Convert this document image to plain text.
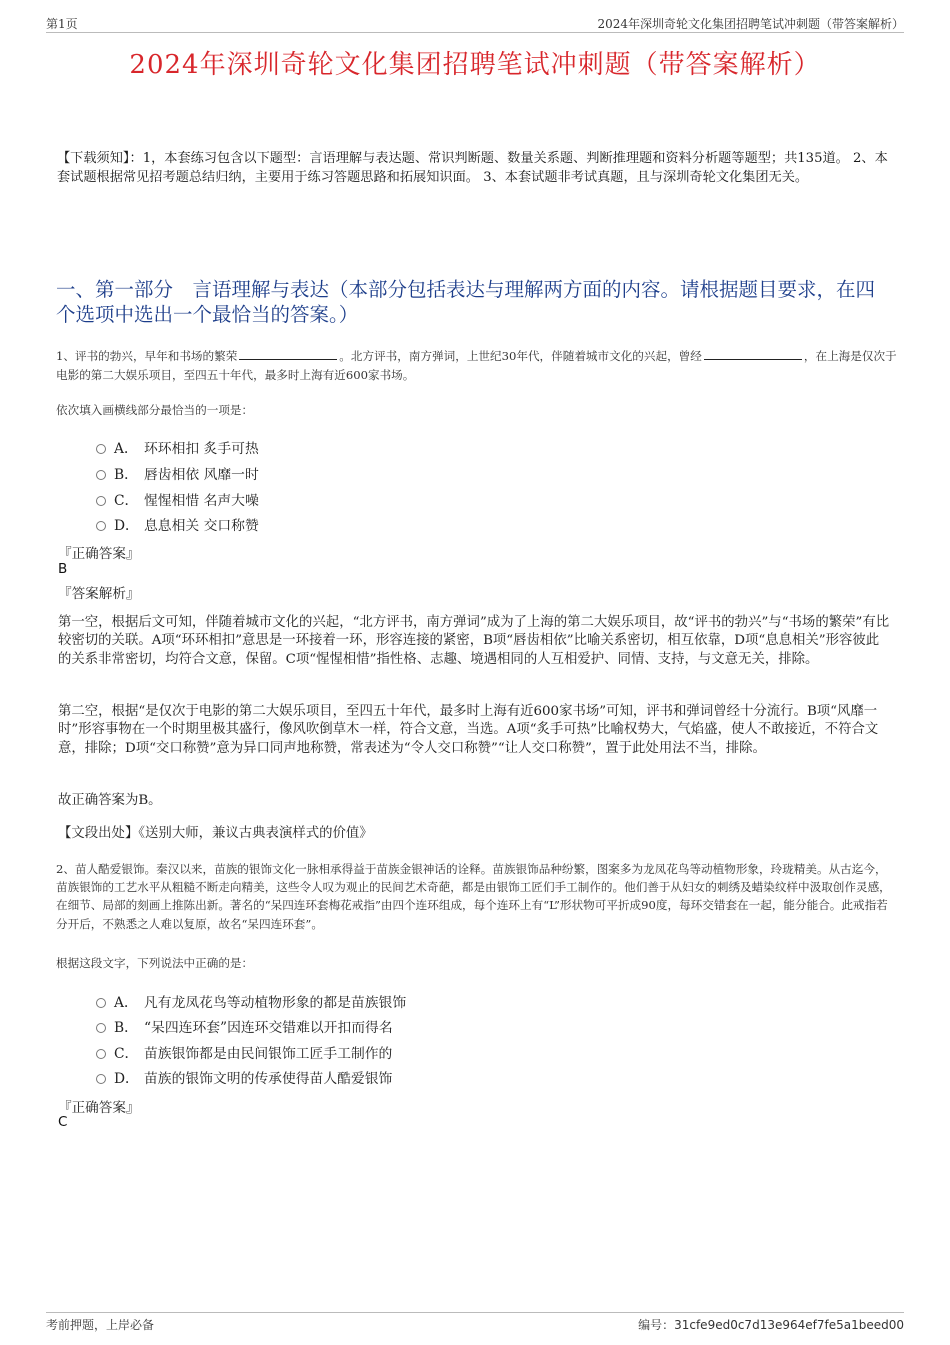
第1页	2024年深圳奇轮文化集团招聘笔试冲刺题（带答案解析）
2024年深圳奇轮文化集团招聘笔试冲刺题（带答案解析）
【下载须知】：1，本套练习包含以下题型：言语理解与表达题、常识判断题、数量关系题、判断推理题和资料分析题等题型；共135道。 2、本套试题根据常见招考题总结归纳，主要用于练习答题思路和拓展知识面。 3、本套试题非考试真题，且与深圳奇轮文化集团无关。
一、第一部分　言语理解与表达（本部分包括表达与理解两方面的内容。请根据题目要求，在四个选项中选出一个最恰当的答案。）
1、评书的勃兴，早年和书场的繁荣	。北方评书，南方弹词，上世纪30年代，伴随着城市文化的兴起，曾经	，在上海是仅次于电影的第二大娱乐项目，至四五十年代，最多时上海有近600家书场。
依次填入画横线部分最恰当的一项是：
A． 环环相扣 炙手可热
B． 唇齿相依 风靡一时
C． 惺惺相惜 名声大噪
D． 息息相关 交口称赞
『正确答案』
B
『答案解析』
第一空，根据后文可知，伴随着城市文化的兴起，“北方评书，南方弹词”成为了上海的第二大娱乐项目，故“评书的勃兴”与“书场的繁荣”有比较密切的关联。A项“环环相扣”意思是一环接着一环，形容连接的紧密，B项“唇齿相依”比喻关系密切，相互依靠，D项“息息相关”形容彼此的关系非常密切，均符合文意，保留。C项“惺惺相惜”指性格、志趣、境遇相同的人互相爱护、同情、支持，与文意无关，排除。
第二空，根据“是仅次于电影的第二大娱乐项目，至四五十年代，最多时上海有近600家书场”可知，评书和弹词曾经十分流行。B项“风靡一时”形容事物在一个时期里极其盛行，像风吹倒草木一样，符合文意，当选。A项“炙手可热”比喻权势大，气焰盛，使人不敢接近，不符合文意，排除；D项“交口称赞”意为异口同声地称赞，常表述为“令人交口称赞”“让人交口称赞”，置于此处用法不当，排除。
故正确答案为B。
【文段出处】《送别大师，兼议古典表演样式的价值》
2、苗人酷爱银饰。秦汉以来，苗族的银饰文化一脉相承得益于苗族金银神话的诠释。苗族银饰品种纷繁，图案多为龙凤花鸟等动植物形象，玲珑精美。从古迄今，苗族银饰的工艺水平从粗糙不断走向精美，这些令人叹为观止的民间艺术奇葩，都是由银饰工匠们手工制作的。他们善于从妇女的刺绣及蜡染纹样中汲取创作灵感，在细节、局部的刻画上推陈出新。著名的“呆四连环套梅花戒指”由四个连环组成，每个连环上有“L”形状物可平折成90度，每环交错套在一起，能分能合。此戒指若分开后，不熟悉之人难以复原，故名“呆四连环套”。
根据这段文字，下列说法中正确的是：
A． 凡有龙凤花鸟等动植物形象的都是苗族银饰
B． “呆四连环套”因连环交错难以开扣而得名
C． 苗族银饰都是由民间银饰工匠手工制作的
D． 苗族的银饰文明的传承使得苗人酷爱银饰
『正确答案』
C
考前押题，上岸必备	编号：31cfe9ed0c7d13e964ef7fe5a1beed00
